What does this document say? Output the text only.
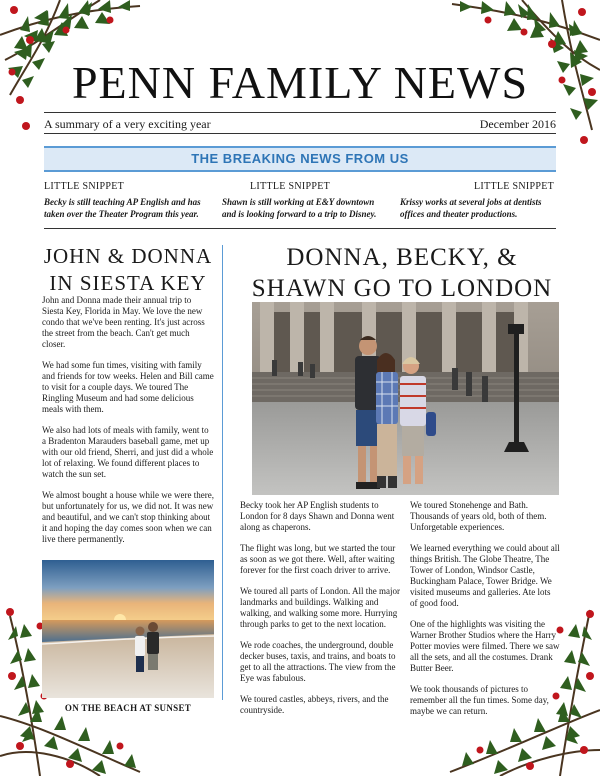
PENN FAMILY NEWS
A summary of a very exciting year	December 2016
THE BREAKING NEWS FROM US
LITTLE SNIPPET
Becky is still teaching AP English and has taken over the Theater Program this year.
LITTLE SNIPPET
Shawn is still working at E&Y downtown and is looking forward to a trip to Disney.
LITTLE SNIPPET
Krissy works at several jobs at dentists offices and theater productions.
JOHN & DONNA
IN SIESTA KEY

John and Donna made their annual trip to Siesta Key, Florida in May. We love the new condo that we've been renting. It's just across the street from the beach. Can't get much closer.

We had some fun times, visiting with family and friends for tow weeks. Helen and Bill came to visit for a couple days. We toured The Ringling Museum and had some delicious meals with them.

We also had lots of meals with family, went to a Bradenton Marauders baseball game, met up with our old friend, Sherri, and just did a whole lot of relaxing. We found different places to watch the sun set.

We almost bought a house while we were there, but unfortunately for us, we did not. It was new and beautiful, and we can't stop thinking about it and hoping the day comes soon when we can live there permanently.

ON THE BEACH AT SUNSET
DONNA, BECKY, &
SHAWN GO TO LONDON

Becky took her AP English students to London for 8 days Shawn and Donna went along as chaperons.

The flight was long, but we started the tour as soon as we got there. Well, after waiting forever for the first coach driver to arrive.

We toured all parts of London. All the major landmarks and buildings. Walking and walking, and walking some more. Hurrying through parks to get to the next location.

We rode coaches, the underground, double decker buses, taxis, and trains, and boats to get to all the attractions. The view from the Eye was fabulous.

We toured castles, abbeys, rivers, and the countryside.

We toured Stonehenge and Bath. Thousands of years old, both of them. Unforgetable experiences.

We learned everything we could about all things British. The Globe Theatre, The Tower of London, Windsor Castle, Buckingham Palace, Tower Bridge. We visited museums and galleries. Ate lots of good food.

One of the highlights was visiting the Warner Brother Studios where the Harry Potter movies were filmed. There we saw all the sets, and all the costumes. Drank Butter Beer.

We took thousands of pictures to remember all the fun times. Some day, maybe we can return.
